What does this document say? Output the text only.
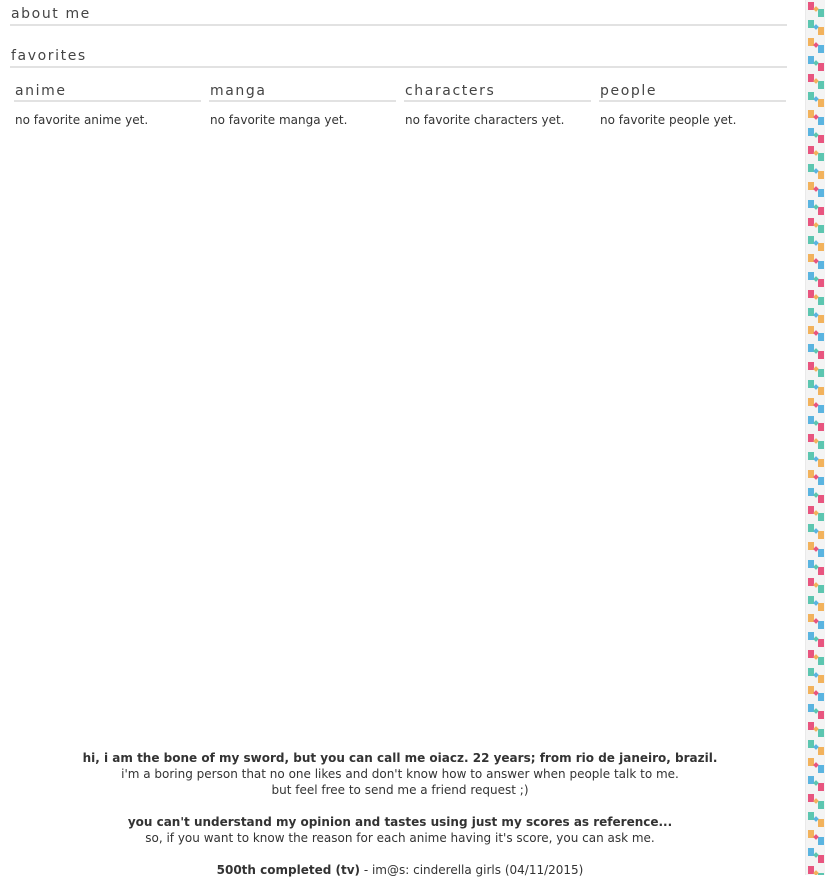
about me
favorites
anime
no favorite anime yet.
manga
no favorite manga yet.
characters
no favorite characters yet.
people
no favorite people yet.
hi, i am the bone of my sword, but you can call me oiacz. 22 years; from rio de janeiro, brazil.
i'm a boring person that no one likes and don't know how to answer when people talk to me.
but feel free to send me a friend request ;)
you can't understand my opinion and tastes using just my scores as reference...
so, if you want to know the reason for each anime having it's score, you can ask me.
500th completed (tv) - im@s: cinderella girls (04/11/2015)
